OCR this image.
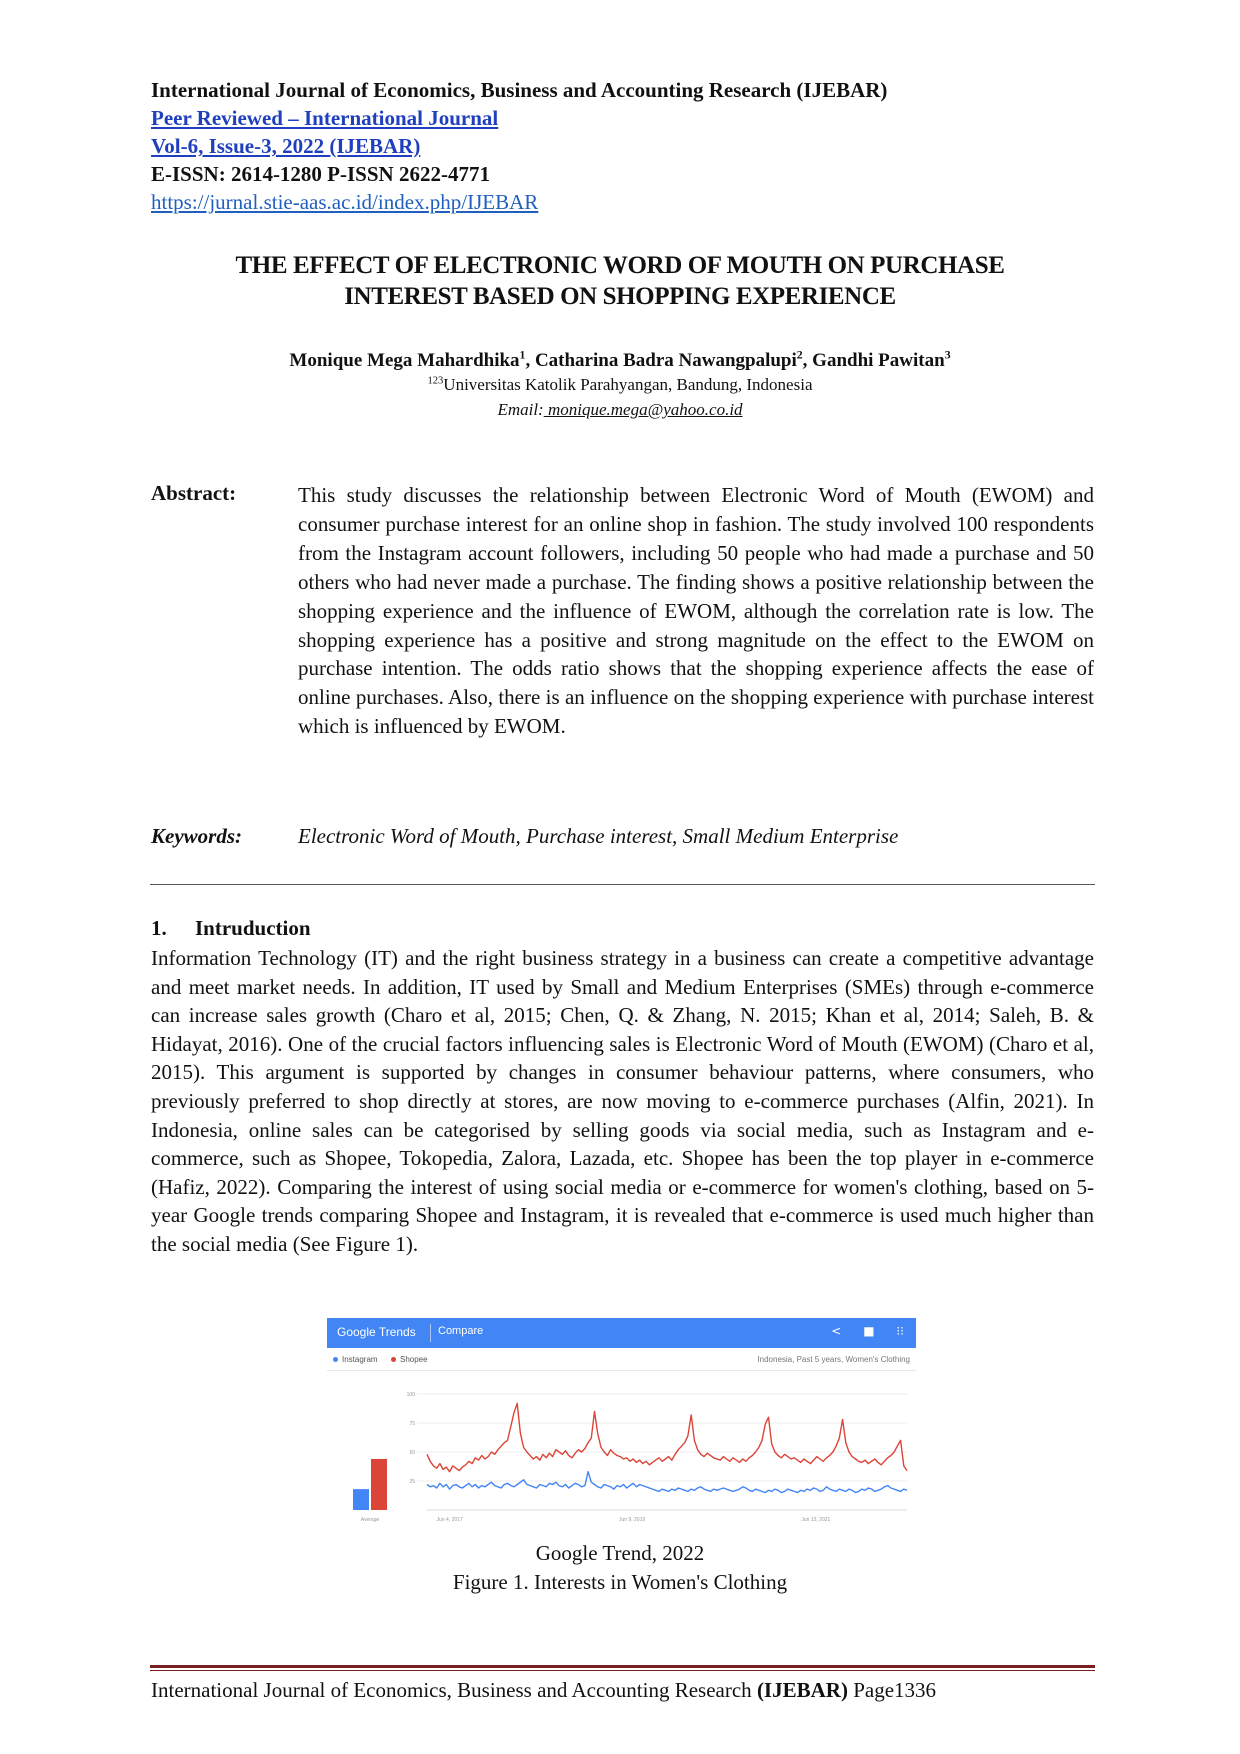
International Journal of Economics, Business and Accounting Research (IJEBAR)
Peer Reviewed – International Journal
Vol-6, Issue-3, 2022 (IJEBAR)
E-ISSN: 2614-1280 P-ISSN 2622-4771
https://jurnal.stie-aas.ac.id/index.php/IJEBAR
THE EFFECT OF ELECTRONIC WORD OF MOUTH ON PURCHASE
INTEREST BASED ON SHOPPING EXPERIENCE
Monique Mega Mahardhika$^1$, Catharina Badra Nawangpalupi$^2$, Gandhi Pawitan$^3$
$^{123}$Universitas Katolik Parahyangan, Bandung, Indonesia
Email: monique.mega@yahoo.co.id
Abstract:	This study discusses the relationship between Electronic Word of Mouth (EWOM) and consumer purchase interest for an online shop in fashion. The study involved 100 respondents from the Instagram account followers, including 50 people who had made a purchase and 50 others who had never made a purchase. The finding shows a positive relationship between the shopping experience and the influence of EWOM, although the correlation rate is low. The shopping experience has a positive and strong magnitude on the effect to the EWOM on purchase intention. The odds ratio shows that the shopping experience affects the ease of online purchases. Also, there is an influence on the shopping experience with purchase interest which is influenced by EWOM.
Keywords:	Electronic Word of Mouth, Purchase interest, Small Medium Enterprise
1. Intruduction
Information Technology (IT) and the right business strategy in a business can create a competitive advantage and meet market needs. In addition, IT used by Small and Medium Enterprises (SMEs) through e-commerce can increase sales growth (Charo et al, 2015; Chen, Q. & Zhang, N. 2015; Khan et al, 2014; Saleh, B. & Hidayat, 2016). One of the crucial factors influencing sales is Electronic Word of Mouth (EWOM) (Charo et al, 2015). This argument is supported by changes in consumer behaviour patterns, where consumers, who previously preferred to shop directly at stores, are now moving to e-commerce purchases (Alfin, 2021). In Indonesia, online sales can be categorised by selling goods via social media, such as Instagram and e-commerce, such as Shopee, Tokopedia, Zalora, Lazada, etc. Shopee has been the top player in e-commerce (Hafiz, 2022). Comparing the interest of using social media or e-commerce for women's clothing, based on 5-year Google trends comparing Shopee and Instagram, it is revealed that e-commerce is used much higher than the social media (See Figure 1).
Google Trends Compare	< ■ ⁝⁝
Instagram	Shopee	Indonesia, Past 5 years, Women's Clothing
100
75
50
25
Average	Jun 4, 2017	Jun 9, 2019	Jun 13, 2021
Google Trend, 2022
Figure 1. Interests in Women's Clothing
International Journal of Economics, Business and Accounting Research (IJEBAR) Page1336
